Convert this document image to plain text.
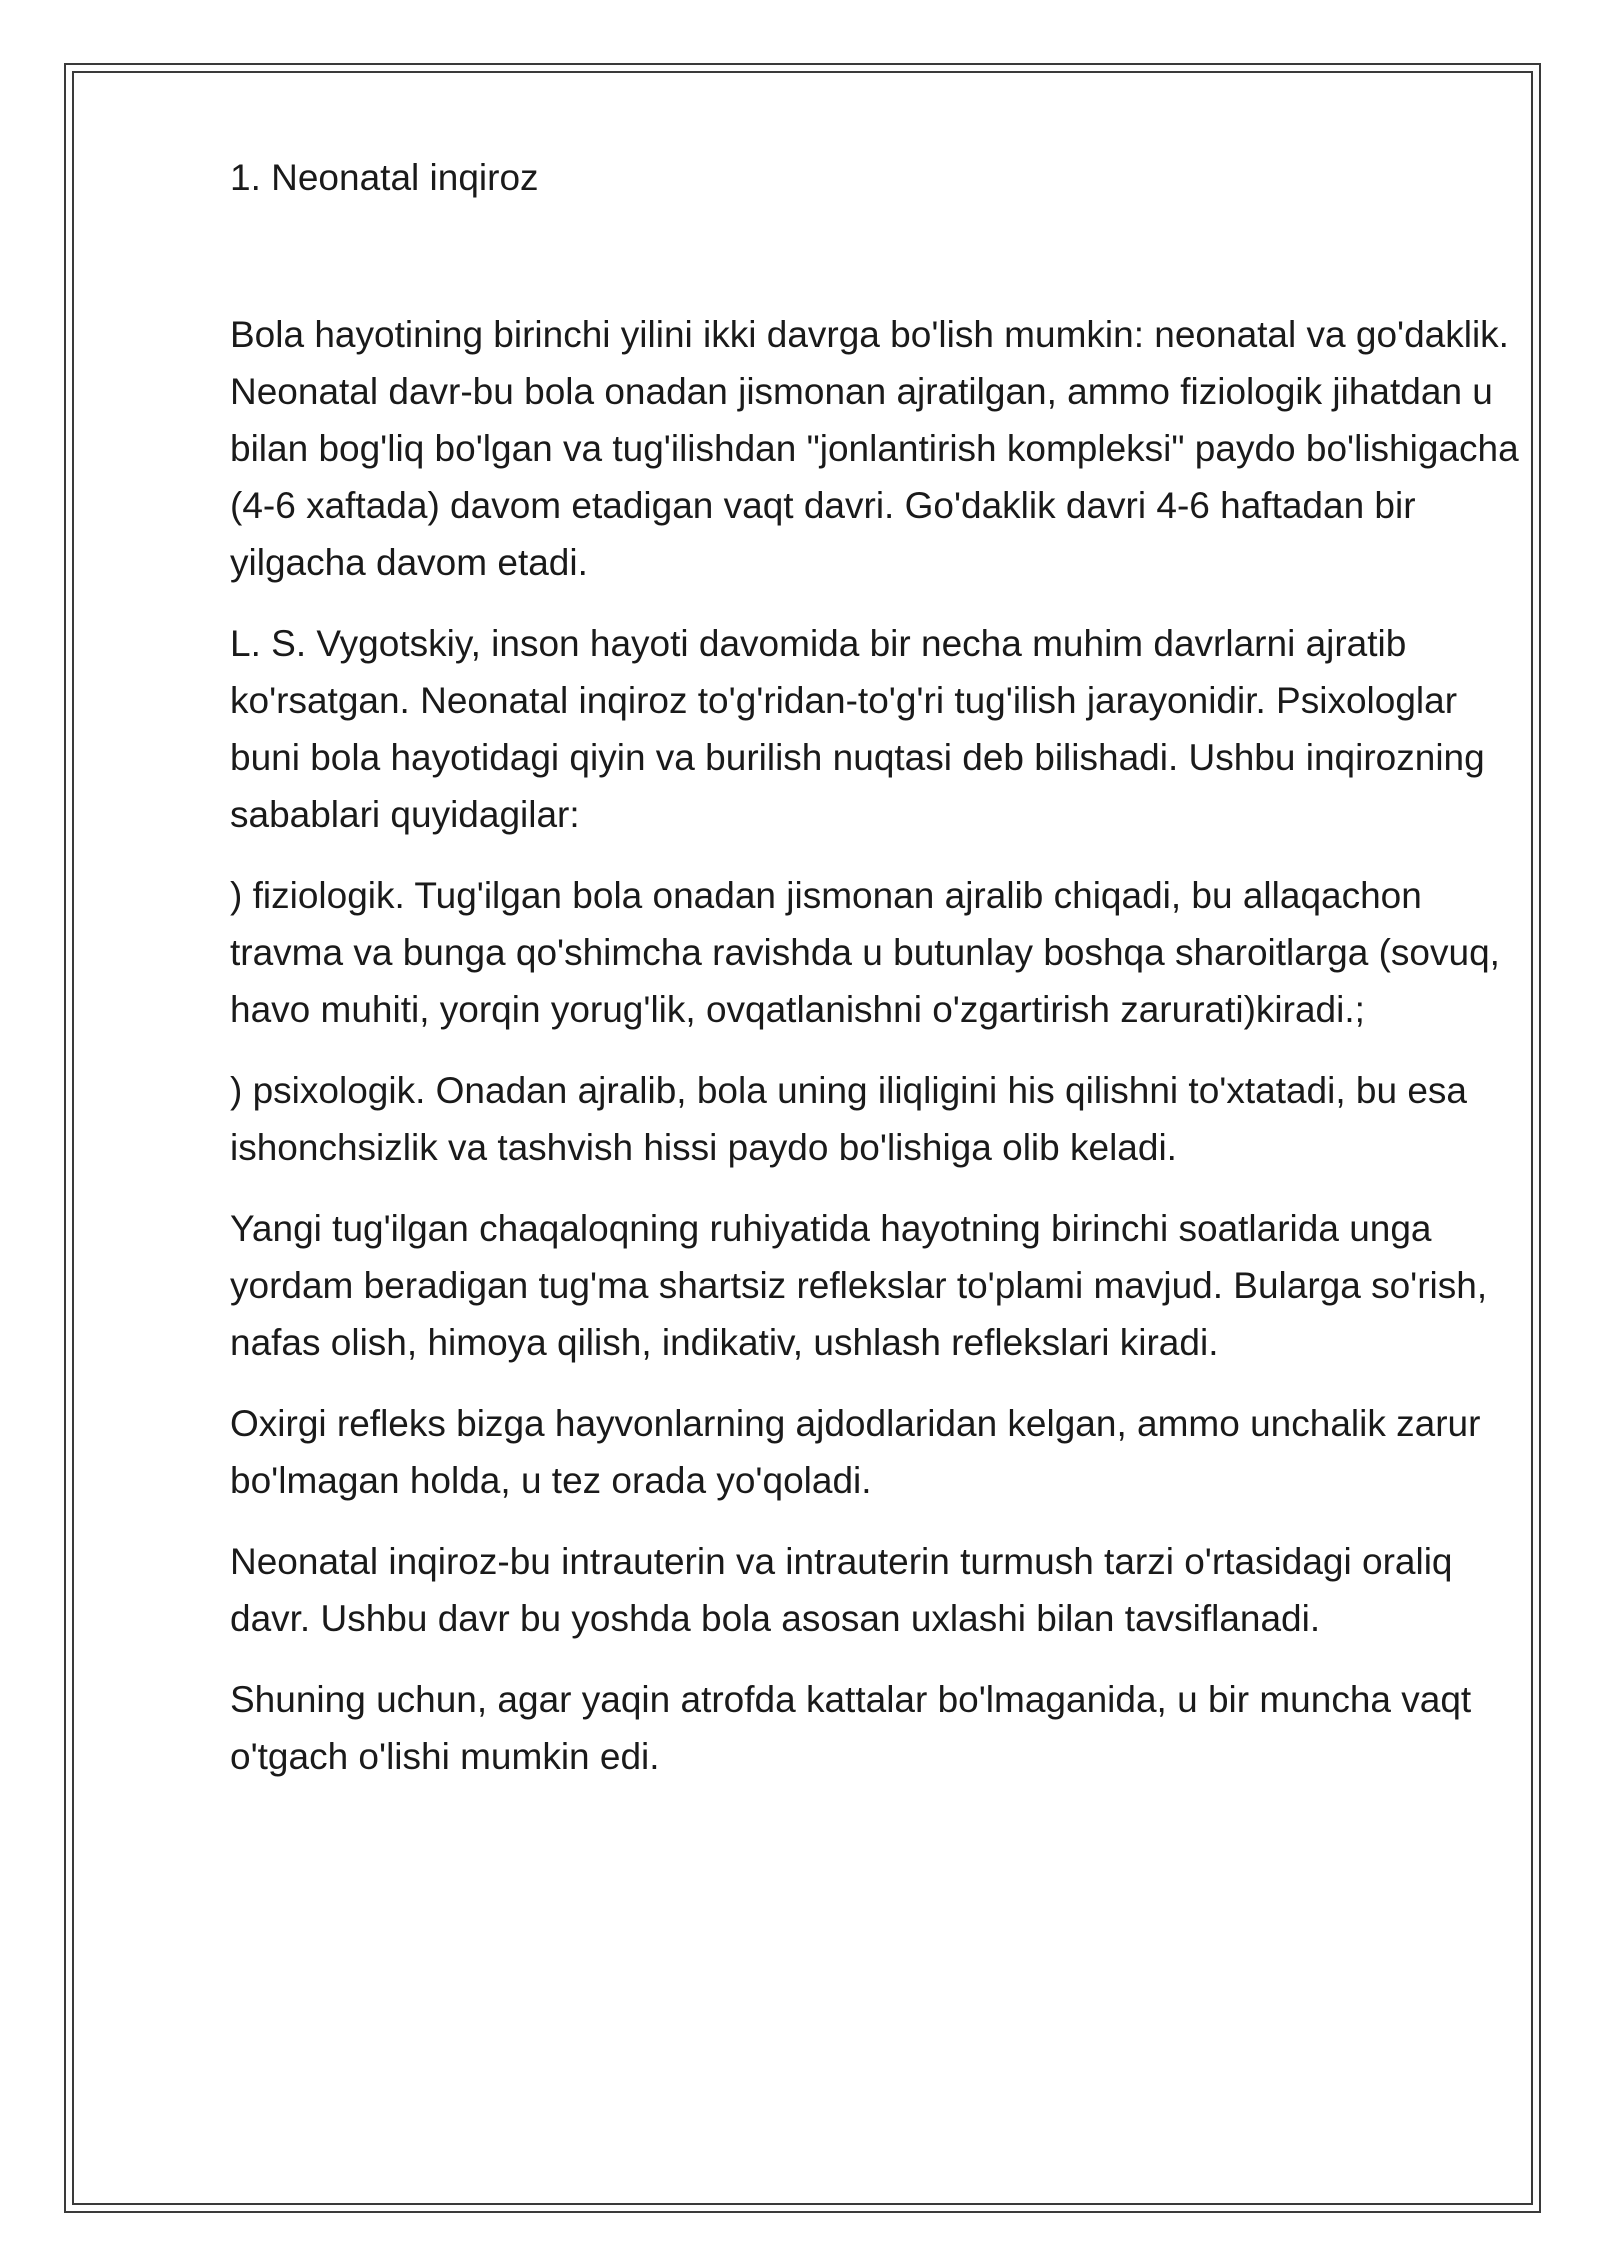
1. Neonatal inqiroz

Bola hayotining birinchi yilini ikki davrga bo'lish mumkin: neonatal va go'daklik. Neonatal davr-bu bola onadan jismonan ajratilgan, ammo fiziologik jihatdan u bilan bog'liq bo'lgan va tug'ilishdan "jonlantirish kompleksi" paydo bo'lishigacha (4-6 xaftada) davom etadigan vaqt davri. Go'daklik davri 4-6 haftadan bir yilgacha davom etadi.

L. S. Vygotskiy, inson hayoti davomida bir necha muhim davrlarni ajratib ko'rsatgan. Neonatal inqiroz to'g'ridan-to'g'ri tug'ilish jarayonidir. Psixologlar buni bola hayotidagi qiyin va burilish nuqtasi deb bilishadi. Ushbu inqirozning sabablari quyidagilar:

) fiziologik. Tug'ilgan bola onadan jismonan ajralib chiqadi, bu allaqachon travma va bunga qo'shimcha ravishda u butunlay boshqa sharoitlarga (sovuq, havo muhiti, yorqin yorug'lik, ovqatlanishni o'zgartirish zarurati)kiradi.;

) psixologik. Onadan ajralib, bola uning iliqligini his qilishni to'xtatadi, bu esa ishonchsizlik va tashvish hissi paydo bo'lishiga olib keladi.

Yangi tug'ilgan chaqaloqning ruhiyatida hayotning birinchi soatlarida unga yordam beradigan tug'ma shartsiz reflekslar to'plami mavjud. Bularga so'rish, nafas olish, himoya qilish, indikativ, ushlash reflekslari kiradi.

Oxirgi refleks bizga hayvonlarning ajdodlaridan kelgan, ammo unchalik zarur bo'lmagan holda, u tez orada yo'qoladi.

Neonatal inqiroz-bu intrauterin va intrauterin turmush tarzi o'rtasidagi oraliq davr. Ushbu davr bu yoshda bola asosan uxlashi bilan tavsiflanadi.

Shuning uchun, agar yaqin atrofda kattalar bo'lmaganida, u bir muncha vaqt o'tgach o'lishi mumkin edi.
